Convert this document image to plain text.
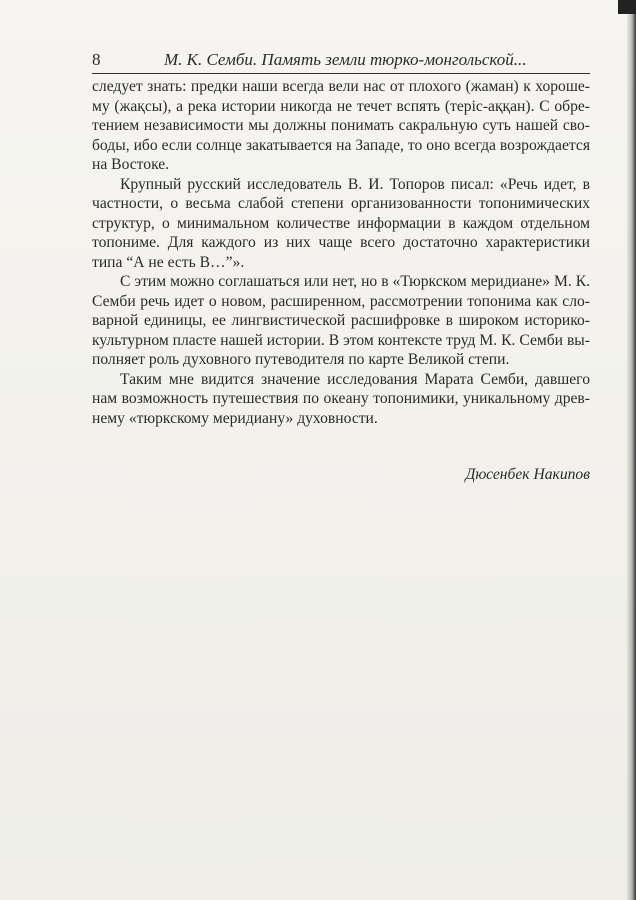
8	М. К. Семби. Память земли тюрко-монгольской...

следует знать: предки наши всегда вели нас от плохого (жаман) к хорошему (жақсы), а река истории никогда не течет вспять (теріс-аққан). С обретением независимости мы должны понимать сакральную суть нашей свободы, ибо если солнце закатывается на Западе, то оно всегда возрождается на Востоке.

Крупный русский исследователь В. И. Топоров писал: «Речь идет, в частности, о весьма слабой степени организованности топонимических структур, о минимальном количестве информации в каждом отдельном топониме. Для каждого из них чаще всего достаточно характеристики типа “А не есть В…”».

С этим можно соглашаться или нет, но в «Тюркском меридиане» М. К. Семби речь идет о новом, расширенном, рассмотрении топонима как словарной единицы, ее лингвистической расшифровке в широком историко-культурном пласте нашей истории. В этом контексте труд М. К. Семби выполняет роль духовного путеводителя по карте Великой степи.

Таким мне видится значение исследования Марата Семби, давшего нам возможность путешествия по океану топонимики, уникальному древнему «тюркскому меридиану» духовности.

Дюсенбек Накипов
